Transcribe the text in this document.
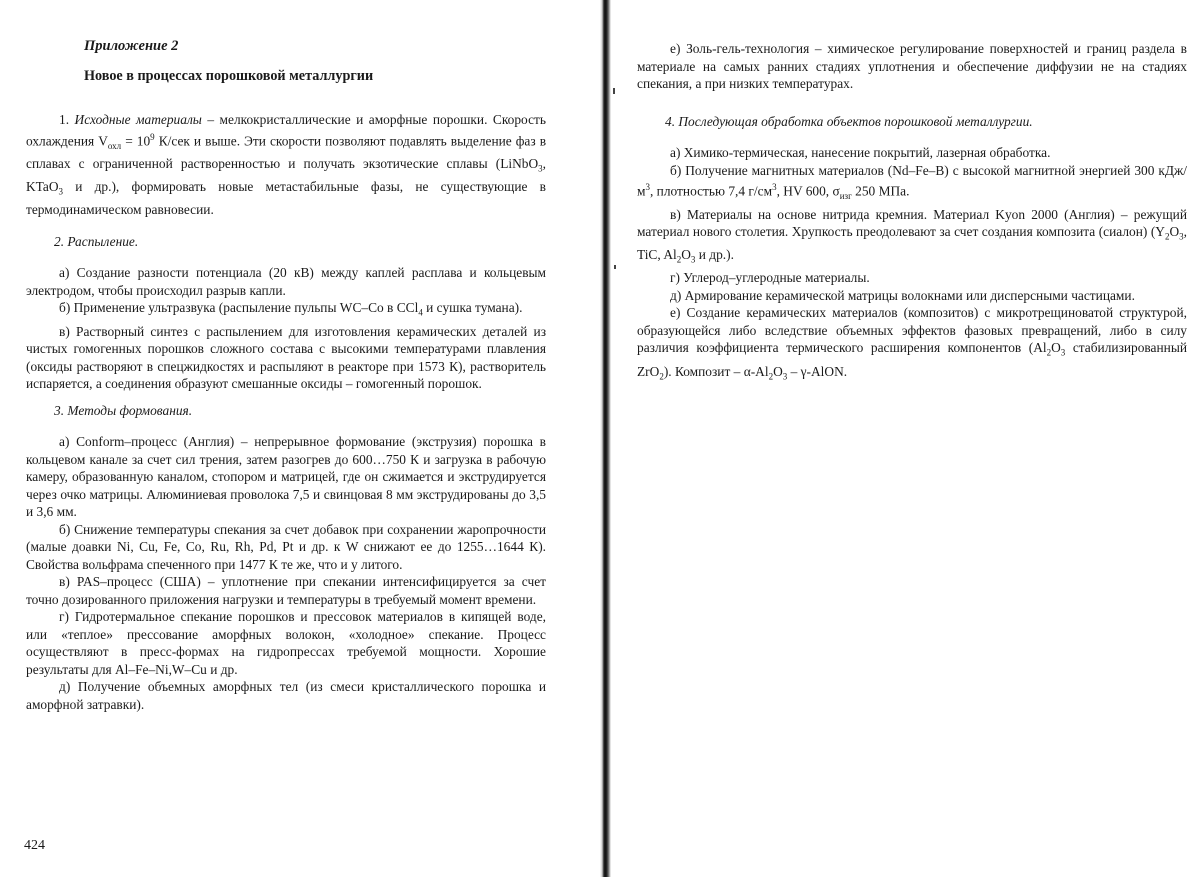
Приложение 2

Новое в процессах порошковой металлургии

1. Исходные материалы – мелкокристаллические и аморфные порошки. Скорость охлаждения $V_{охл} = 10^9$ К/сек и выше. Эти скорости позволяют подавлять выделение фаз в сплавах с ограниченной растворенностью и получать экзотические сплавы (LiNbO$_3$, KTaO$_3$ и др.), формировать новые метастабильные фазы, не существующие в термодинамическом равновесии.

2. Распыление.

а) Создание разности потенциала (20 кВ) между каплей расплава и кольцевым электродом, чтобы происходил разрыв капли.

б) Применение ультразвука (распыление пульпы WC–Co в CCl$_4$ и сушка тумана).

в) Растворный синтез с распылением для изготовления керамических деталей из чистых гомогенных порошков сложного состава с высокими температурами плавления (оксиды растворяют в спецжидкостях и распыляют в реакторе при 1573 К), растворитель испаряется, а соединения образуют смешанные оксиды – гомогенный порошок.

3. Методы формования.

а) Conform–процесс (Англия) – непрерывное формование (экструзия) порошка в кольцевом канале за счет сил трения, затем разогрев до 600…750 К и загрузка в рабочую камеру, образованную каналом, стопором и матрицей, где он сжимается и экструдируется через очко матрицы. Алюминиевая проволока 7,5 и свинцовая 8 мм экструдированы до 3,5 и 3,6 мм.

б) Снижение температуры спекания за счет добавок при сохранении жаропрочности (малые доавки Ni, Cu, Fe, Co, Ru, Rh, Pd, Pt и др. к W снижают ее до 1255…1644 К). Свойства вольфрама спеченного при 1477 К те же, что и у литого.

в) PAS–процесс (США) – уплотнение при спекании интенсифицируется за счет точно дозированного приложения нагрузки и температуры в требуемый момент времени.

г) Гидротермальное спекание порошков и прессовок материалов в кипящей воде, или «теплое» прессование аморфных волокон, «холодное» спекание. Процесс осуществляют в пресс-формах на гидропрессах требуемой мощности. Хорошие результаты для Al–Fe–Ni,W–Cu и др.

д) Получение объемных аморфных тел (из смеси кристаллического порошка и аморфной затравки).

424

е) Золь-гель-технология – химическое регулирование поверхностей и границ раздела в материале на самых ранних стадиях уплотнения и обеспечение диффузии не на стадиях спекания, а при низких температурах.

4. Последующая обработка объектов порошковой металлургии.

а) Химико-термическая, нанесение покрытий, лазерная обработка.

б) Получение магнитных материалов (Nd–Fe–B) с высокой магнитной энергией 300 кДж/$м^3$, плотностью 7,4 $г/см^3$, HV 600, $\sigma_{изг}$ 250 МПа.

в) Материалы на основе нитрида кремния. Материал Kyon 2000 (Англия) – режущий материал нового столетия. Хрупкость преодолевают за счет создания композита (сиалон) ($Y_2O_3$, TiC, $Al_2O_3$ и др.).

г) Углерод–углеродные материалы.

д) Армирование керамической матрицы волокнами или дисперсными частицами.

е) Создание керамических материалов (композитов) с микротрещиноватой структурой, образующейся либо вследствие объемных эффектов фазовых превращений, либо в силу различия коэффициента термического расширения компонентов ($Al_2O_3$ стабилизированный ZrO$_2$). Композит – $\alpha-Al_2O_3$ – γ-AlON.
